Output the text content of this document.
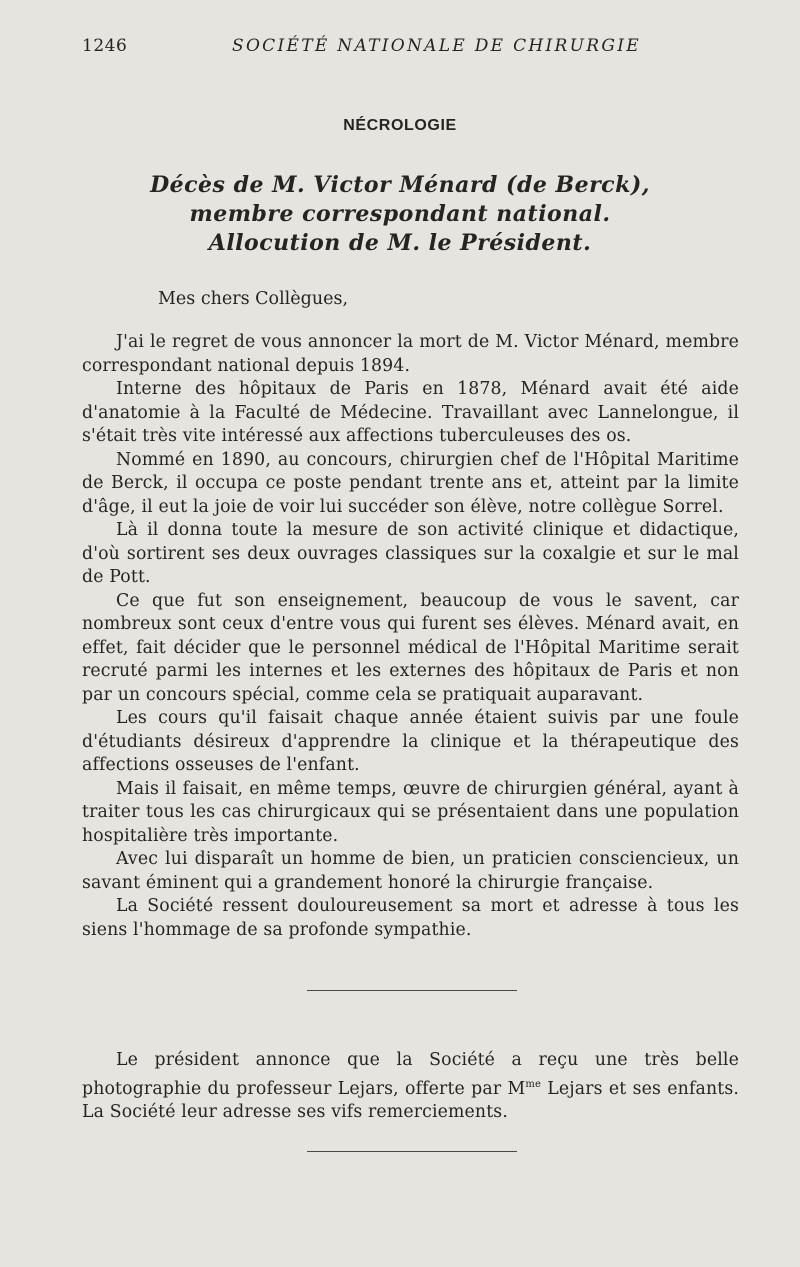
1246	SOCIÉTÉ NATIONALE DE CHIRURGIE
NÉCROLOGIE
Décès de M. Victor Ménard (de Berck),
membre correspondant national.
Allocution de M. le Président.
Mes chers Collègues,

J'ai le regret de vous annoncer la mort de M. Victor Ménard, membre correspondant national depuis 1894.

Interne des hôpitaux de Paris en 1878, Ménard avait été aide d'anatomie à la Faculté de Médecine. Travaillant avec Lannelongue, il s'était très vite intéressé aux affections tuberculeuses des os.

Nommé en 1890, au concours, chirurgien chef de l'Hôpital Maritime de Berck, il occupa ce poste pendant trente ans et, atteint par la limite d'âge, il eut la joie de voir lui succéder son élève, notre collègue Sorrel.

Là il donna toute la mesure de son activité clinique et didactique, d'où sortirent ses deux ouvrages classiques sur la coxalgie et sur le mal de Pott.

Ce que fut son enseignement, beaucoup de vous le savent, car nombreux sont ceux d'entre vous qui furent ses élèves. Ménard avait, en effet, fait décider que le personnel médical de l'Hôpital Maritime serait recruté parmi les internes et les externes des hôpitaux de Paris et non par un concours spécial, comme cela se pratiquait auparavant.

Les cours qu'il faisait chaque année étaient suivis par une foule d'étudiants désireux d'apprendre la clinique et la thérapeutique des affections osseuses de l'enfant.

Mais il faisait, en même temps, œuvre de chirurgien général, ayant à traiter tous les cas chirurgicaux qui se présentaient dans une population hospitalière très importante.

Avec lui disparaît un homme de bien, un praticien consciencieux, un savant éminent qui a grandement honoré la chirurgie française.

La Société ressent douloureusement sa mort et adresse à tous les siens l'hommage de sa profonde sympathie.

Le président annonce que la Société a reçu une très belle photographie du professeur Lejars, offerte par $M^{me}$ Lejars et ses enfants. La Société leur adresse ses vifs remerciements.
